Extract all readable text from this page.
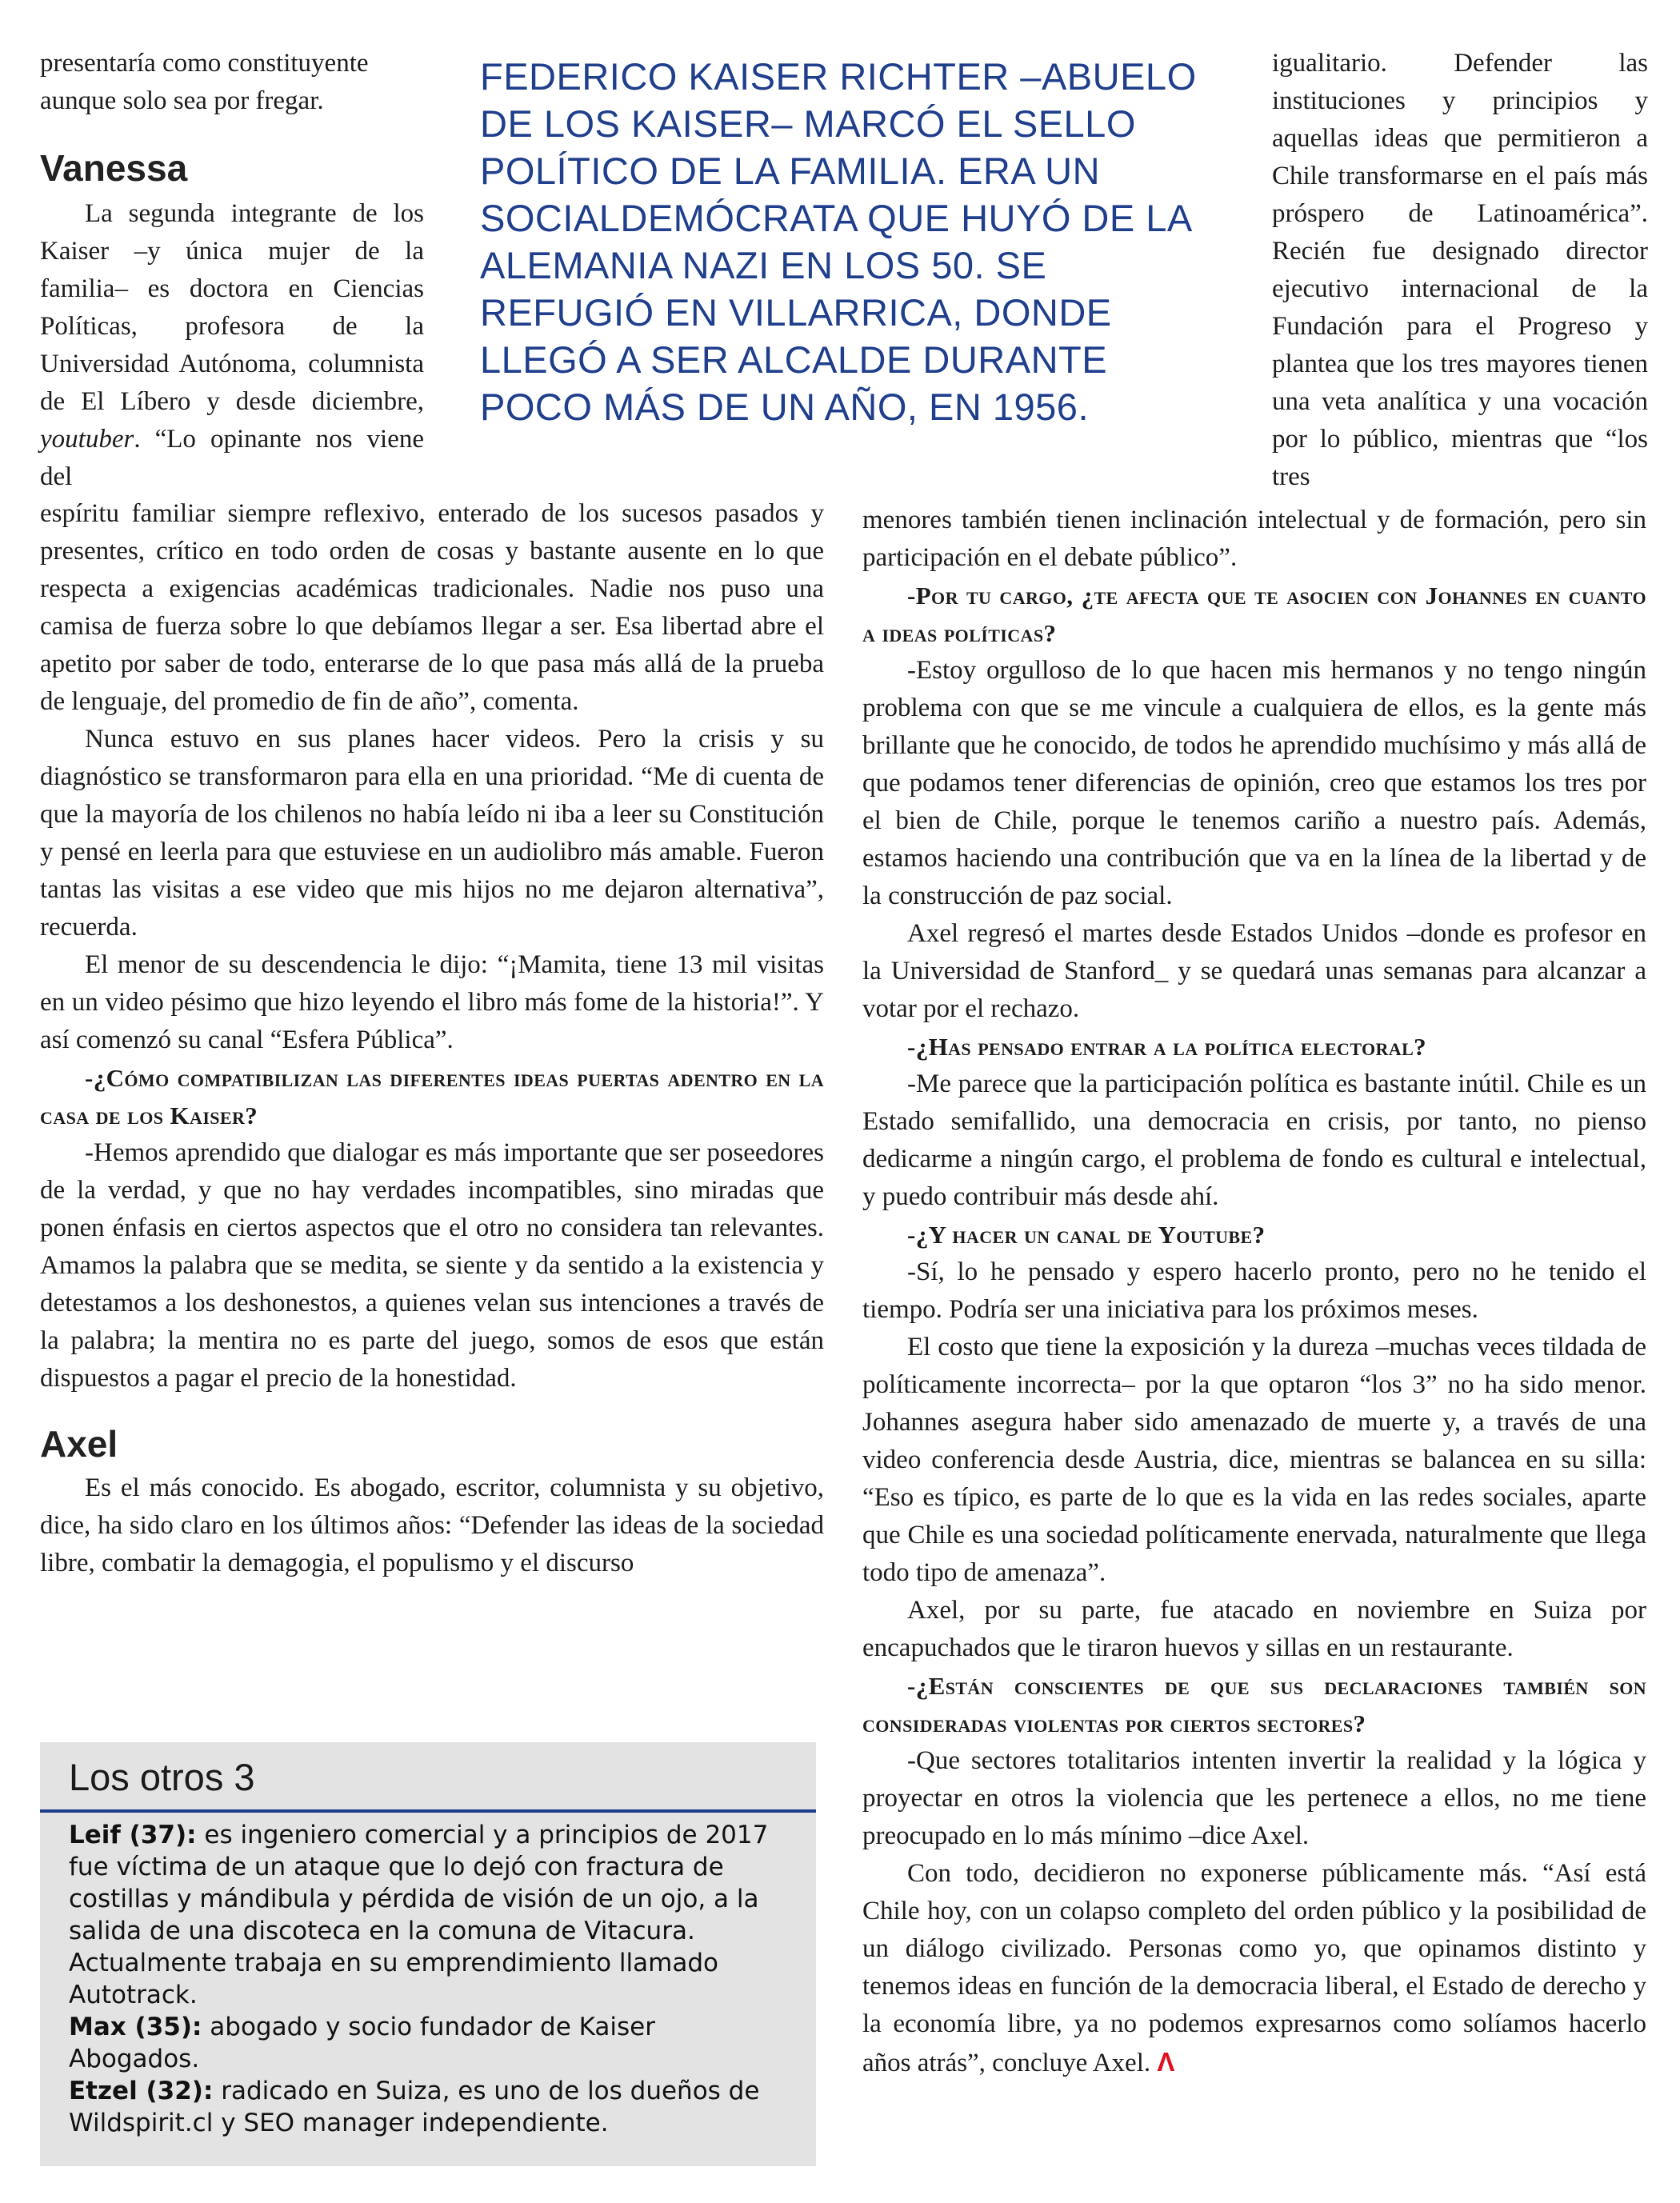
FEDERICO KAISER RICHTER –ABUELO DE LOS KAISER– MARCÓ EL SELLO POLÍTICO DE LA FAMILIA. ERA UN SOCIALDEMÓCRATA QUE HUYÓ DE LA ALEMANIA NAZI EN LOS 50. SE REFUGIÓ EN VILLARRICA, DONDE LLEGÓ A SER ALCALDE DURANTE POCO MÁS DE UN AÑO, EN 1956.

presentaría como constituyente aunque solo sea por fregar.

Vanessa

La segunda integrante de los Kaiser –y única mujer de la familia– es doctora en Ciencias Políticas, profesora de la Universidad Autónoma, columnista de El Líbero y desde diciembre, youtuber. “Lo opinante nos viene del

espíritu familiar siempre reflexivo, enterado de los sucesos pasados y presentes, crítico en todo orden de cosas y bastante ausente en lo que respecta a exigencias académicas tradicionales. Nadie nos puso una camisa de fuerza sobre lo que debíamos llegar a ser. Esa libertad abre el apetito por saber de todo, enterarse de lo que pasa más allá de la prueba de lenguaje, del promedio de fin de año”, comenta.

Nunca estuvo en sus planes hacer videos. Pero la crisis y su diagnóstico se transformaron para ella en una prioridad. “Me di cuenta de que la mayoría de los chilenos no había leído ni iba a leer su Constitución y pensé en leerla para que estuviese en un audiolibro más amable. Fueron tantas las visitas a ese video que mis hijos no me dejaron alternativa”, recuerda.

El menor de su descendencia le dijo: “¡Mamita, tiene 13 mil visitas en un video pésimo que hizo leyendo el libro más fome de la historia!”. Y así comenzó su canal “Esfera Pública”.

-¿Cómo compatibilizan las diferentes ideas puertas adentro en la casa de los Kaiser?

-Hemos aprendido que dialogar es más importante que ser poseedores de la verdad, y que no hay verdades incompatibles, sino miradas que ponen énfasis en ciertos aspectos que el otro no considera tan relevantes. Amamos la palabra que se medita, se siente y da sentido a la existencia y detestamos a los deshonestos, a quienes velan sus intenciones a través de la palabra; la mentira no es parte del juego, somos de esos que están dispuestos a pagar el precio de la honestidad.

Axel

Es el más conocido. Es abogado, escritor, columnista y su objetivo, dice, ha sido claro en los últimos años: “Defender las ideas de la sociedad libre, combatir la demagogia, el populismo y el discurso

igualitario. Defender las instituciones y principios y aquellas ideas que permitieron a Chile transformarse en el país más próspero de Latinoamérica”. Recién fue designado director ejecutivo internacional de la Fundación para el Progreso y plantea que los tres mayores tienen una veta analítica y una vocación por lo público, mientras que “los tres

menores también tienen inclinación intelectual y de formación, pero sin participación en el debate público”.

-Por tu cargo, ¿te afecta que te asocien con Johannes en cuanto a ideas políticas?

-Estoy orgulloso de lo que hacen mis hermanos y no tengo ningún problema con que se me vincule a cualquiera de ellos, es la gente más brillante que he conocido, de todos he aprendido muchísimo y más allá de que podamos tener diferencias de opinión, creo que estamos los tres por el bien de Chile, porque le tenemos cariño a nuestro país. Además, estamos haciendo una contribución que va en la línea de la libertad y de la construcción de paz social.

Axel regresó el martes desde Estados Unidos –donde es profesor en la Universidad de Stanford_ y se quedará unas semanas para alcanzar a votar por el rechazo.

-¿Has pensado entrar a la política electoral?

-Me parece que la participación política es bastante inútil. Chile es un Estado semifallido, una democracia en crisis, por tanto, no pienso dedicarme a ningún cargo, el problema de fondo es cultural e intelectual, y puedo contribuir más desde ahí.

-¿Y hacer un canal de Youtube?

-Sí, lo he pensado y espero hacerlo pronto, pero no he tenido el tiempo. Podría ser una iniciativa para los próximos meses.

El costo que tiene la exposición y la dureza –muchas veces tildada de políticamente incorrecta– por la que optaron “los 3” no ha sido menor. Johannes asegura haber sido amenazado de muerte y, a través de una video conferencia desde Austria, dice, mientras se balancea en su silla: “Eso es típico, es parte de lo que es la vida en las redes sociales, aparte que Chile es una sociedad políticamente enervada, naturalmente que llega todo tipo de amenaza”.

Axel, por su parte, fue atacado en noviembre en Suiza por encapuchados que le tiraron huevos y sillas en un restaurante.

-¿Están conscientes de que sus declaraciones también son consideradas violentas por ciertos sectores?

-Que sectores totalitarios intenten invertir la realidad y la lógica y proyectar en otros la violencia que les pertenece a ellos, no me tiene preocupado en lo más mínimo –dice Axel.

Con todo, decidieron no exponerse públicamente más. “Así está Chile hoy, con un colapso completo del orden público y la posibilidad de un diálogo civilizado. Personas como yo, que opinamos distinto y tenemos ideas en función de la democracia liberal, el Estado de derecho y la economía libre, ya no podemos expresarnos como solíamos hacerlo años atrás”, concluye Axel. Λ

Los otros 3

Leif (37): es ingeniero comercial y a principios de 2017 fue víctima de un ataque que lo dejó con fractura de costillas y mándibula y pérdida de visión de un ojo, a la salida de una discoteca en la comuna de Vitacura. Actualmente trabaja en su emprendimiento llamado Autotrack.

Max (35): abogado y socio fundador de Kaiser Abogados.

Etzel (32): radicado en Suiza, es uno de los dueños de Wildspirit.cl y SEO manager independiente.
